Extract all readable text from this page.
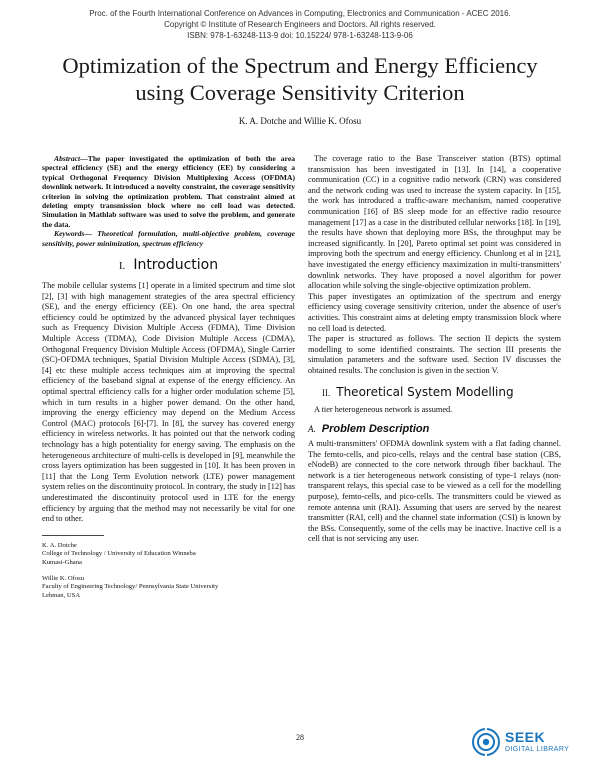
Proc. of the Fourth International Conference on Advances in Computing, Electronics and Communication - ACEC 2016.
Copyright © Institute of Research Engineers and Doctors. All rights reserved.
ISBN: 978-1-63248-113-9 doi: 10.15224/ 978-1-63248-113-9-06
Optimization of the Spectrum and Energy Efficiency
using Coverage Sensitivity Criterion
K. A. Dotche and Willie K. Ofosu

Abstract—The paper investigated the optimization of both the area spectral efficiency (SE) and the energy efficiency (EE) by considering a typical Orthogonal Frequency Division Multiplexing Access (OFDMA) downlink network. It introduced a novelty constraint, the coverage sensitivity criterion in solving the optimization problem. That constraint aimed at deleting empty transmission block where no cell load was detected. Simulation in Mathlab software was used to solve the problem, and generate the data.

Keywords— Theoretical formulation, multi-objective problem, coverage sensitivity, power minimization, spectrum efficiency

I. Introduction

The mobile cellular systems [1] operate in a limited spectrum and time slot [2], [3] with high management strategies of the area spectral efficiency (SE), and the energy efficiency (EE). On one hand, the area spectral efficiency could be optimized by the advanced physical layer techniques such as Frequency Division Multiple Access (FDMA), Time Division Multiple Access (TDMA), Code Division Multiple Access (CDMA), Orthogonal Frequency Division Multiple Access (OFDMA), Single Carrier (SC)-OFDMA techniques, Spatial Division Multiple Access (SDMA), [3], [4] etc these multiple access techniques aim at improving the spectral efficiency of the baseband signal at expense of the energy efficiency. An optimal spectral efficiency calls for a higher order modulation scheme [5], which in turn results in a higher power demand. On the other hand, improving the energy efficiency may depend on the Medium Access Control (MAC) protocols [6]-[7]. In [8], the survey has covered energy efficiency in wireless networks. It has pointed out that the network coding technology has a high potentiality for energy saving. The emphasis on the heterogeneous architecture of multi-cells is developed in [9], meanwhile the cross layers optimization has been suggested in [10]. It has been proven in [11] that the Long Term Evolution network (LTE) power management system relies on the discontinuity protocol. In contrary, the study in [12] has underestimated the discontinuity protocol used in LTE for the energy efficiency by arguing that the method may not necessarily be vital for one end to other.

K. A. Dotche
College of Technology / University of Education Winneba
Kumasi-Ghana
Willie K. Ofosu
Faculty of Engineering Technology/ Pennsylvania State University
Lehman, USA

The coverage ratio to the Base Transceiver station (BTS) optimal transmission has been investigated in [13]. In [14], a cooperative communication (CC) in a cognitive radio network (CRN) was considered and the network coding was used to increase the system capacity. In [15], the work has introduced a traffic-aware mechanism, named cooperative communication [16] of BS sleep mode for an effective radio resource management [17] as a case in the distributed cellular networks [18]. In [19], the results have shown that deploying more BSs, the throughput may be increased significantly. In [20], Pareto optimal set point was considered in improving both the spectrum and energy efficiency. Chunlong et al in [21], have investigated the energy efficiency maximization in multi-transmitters' downlink networks. They have proposed a novel algorithm for power allocation while solving the single-objective optimization problem.

This paper investigates an optimization of the spectrum and energy efficiency using coverage sensitivity criterion, under the absence of user's activities. This constraint aims at deleting empty transmission block where no cell load is detected.

The paper is structured as follows. The section II depicts the system modelling to some identified constraints. The section III presents the simulation parameters and the software used. Section IV discusses the obtained results. The conclusion is given in the section V.

II. Theoretical System Modelling

A tier heterogeneous network is assumed.

A. Problem Description

A multi-transmitters' OFDMA downlink system with a flat fading channel. The femto-cells, and pico-cells, relays and the central base station (CBS, eNodeB) are connected to the core network through fiber backhaul. The network is a tier heterogeneous network consisting of type-1 relays (non-transparent relays, this special case to be viewed as a cell for the modelling purpose), femto-cells, and pico-cells. The transmitters could be viewed as remote antenna unit (RAI). Assuming that users are served by the nearest transmitter (RAI, cell) and the channel state information (CSI) is known by the BSs. Consequently, some of the cells may be inactive. Inactive cell is a cell that is not servicing any user.

28	SEEK
DIGITAL LIBRARY
